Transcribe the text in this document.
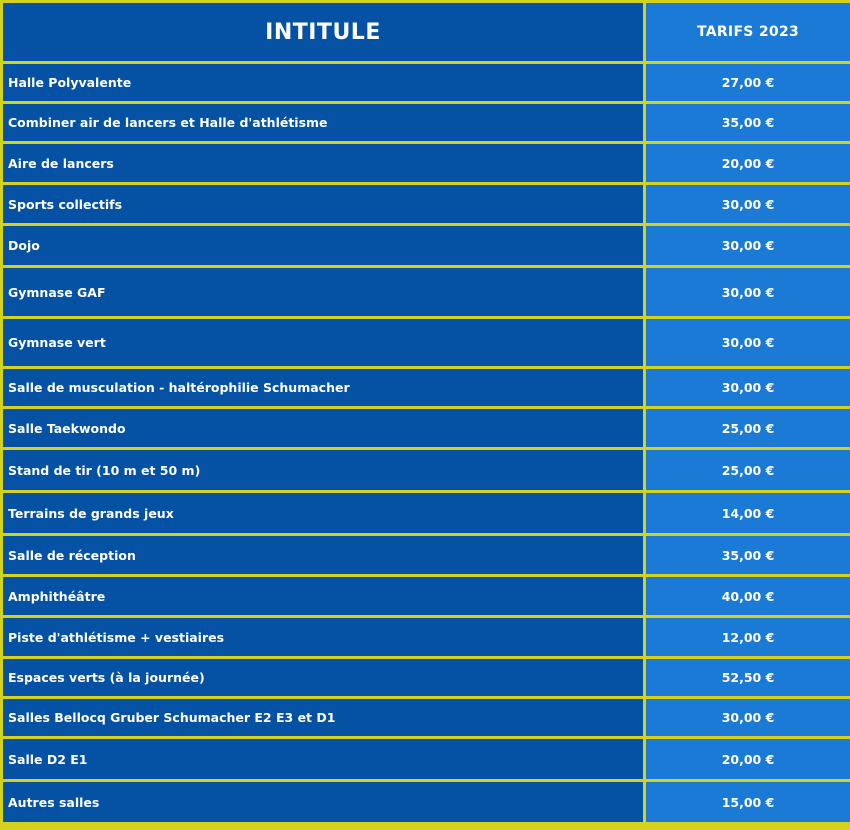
INTITULE	TARIFS 2023
Halle Polyvalente	27,00 €
Combiner air de lancers et Halle d'athlétisme	35,00 €
Aire de lancers	20,00 €
Sports collectifs	30,00 €
Dojo	30,00 €
Gymnase GAF	30,00 €
Gymnase vert	30,00 €
Salle de musculation - haltérophilie Schumacher	30,00 €
Salle Taekwondo	25,00 €
Stand de tir (10 m et 50 m)	25,00 €
Terrains de grands jeux	14,00 €
Salle de réception	35,00 €
Amphithéâtre	40,00 €
Piste d'athlétisme + vestiaires	12,00 €
Espaces verts (à la journée)	52,50 €
Salles Bellocq Gruber Schumacher E2 E3 et D1	30,00 €
Salle D2 E1	20,00 €
Autres salles	15,00 €
